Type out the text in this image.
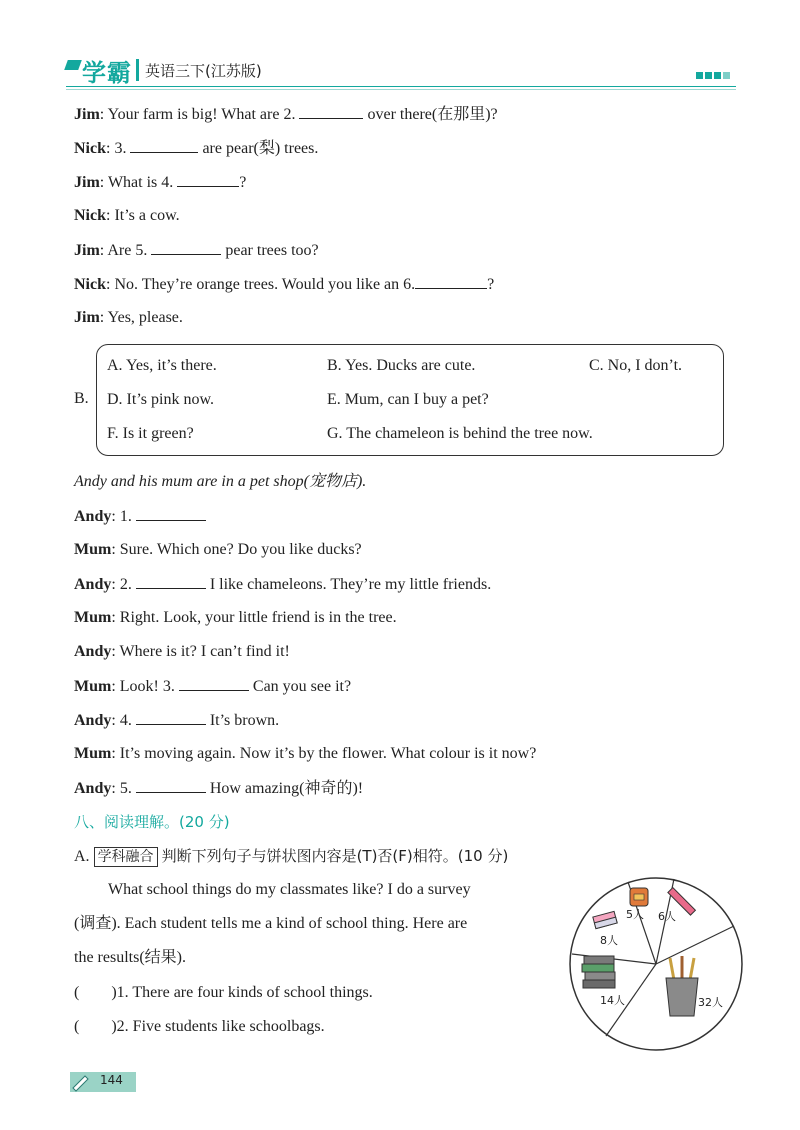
学霸 英语三下(江苏版)
Jim: Your farm is big! What are 2.	over there(在那里)?
Nick: 3.	are pear(梨) trees.
Jim: What is 4.	?
Nick: It’s a cow.
Jim: Are 5.	pear trees too?
Nick: No. They’re orange trees. Would you like an 6.	?
Jim: Yes, please.
B.
A. Yes, it’s there.	B. Yes. Ducks are cute.	C. No, I don’t.
D. It’s pink now.	E. Mum, can I buy a pet?
F. Is it green?	G. The chameleon is behind the tree now.
Andy and his mum are in a pet shop(宠物店).
Andy: 1.
Mum: Sure. Which one? Do you like ducks?
Andy: 2.	I like chameleons. They’re my little friends.
Mum: Right. Look, your little friend is in the tree.
Andy: Where is it? I can’t find it!
Mum: Look! 3.	Can you see it?
Andy: 4.	It’s brown.
Mum: It’s moving again. Now it’s by the flower. What colour is it now?
Andy: 5.	How amazing(神奇的)!
八、阅读理解。(20 分)
A. 学科融合 判断下列句子与饼状图内容是(T)否(F)相符。(10 分)
What school things do my classmates like? I do a survey
(调查). Each student tells me a kind of school thing. Here are
the results(结果).
(　　)1. There are four kinds of school things.
(　　)2. Five students like schoolbags.
5人 6人
8人
14人	32人
144
